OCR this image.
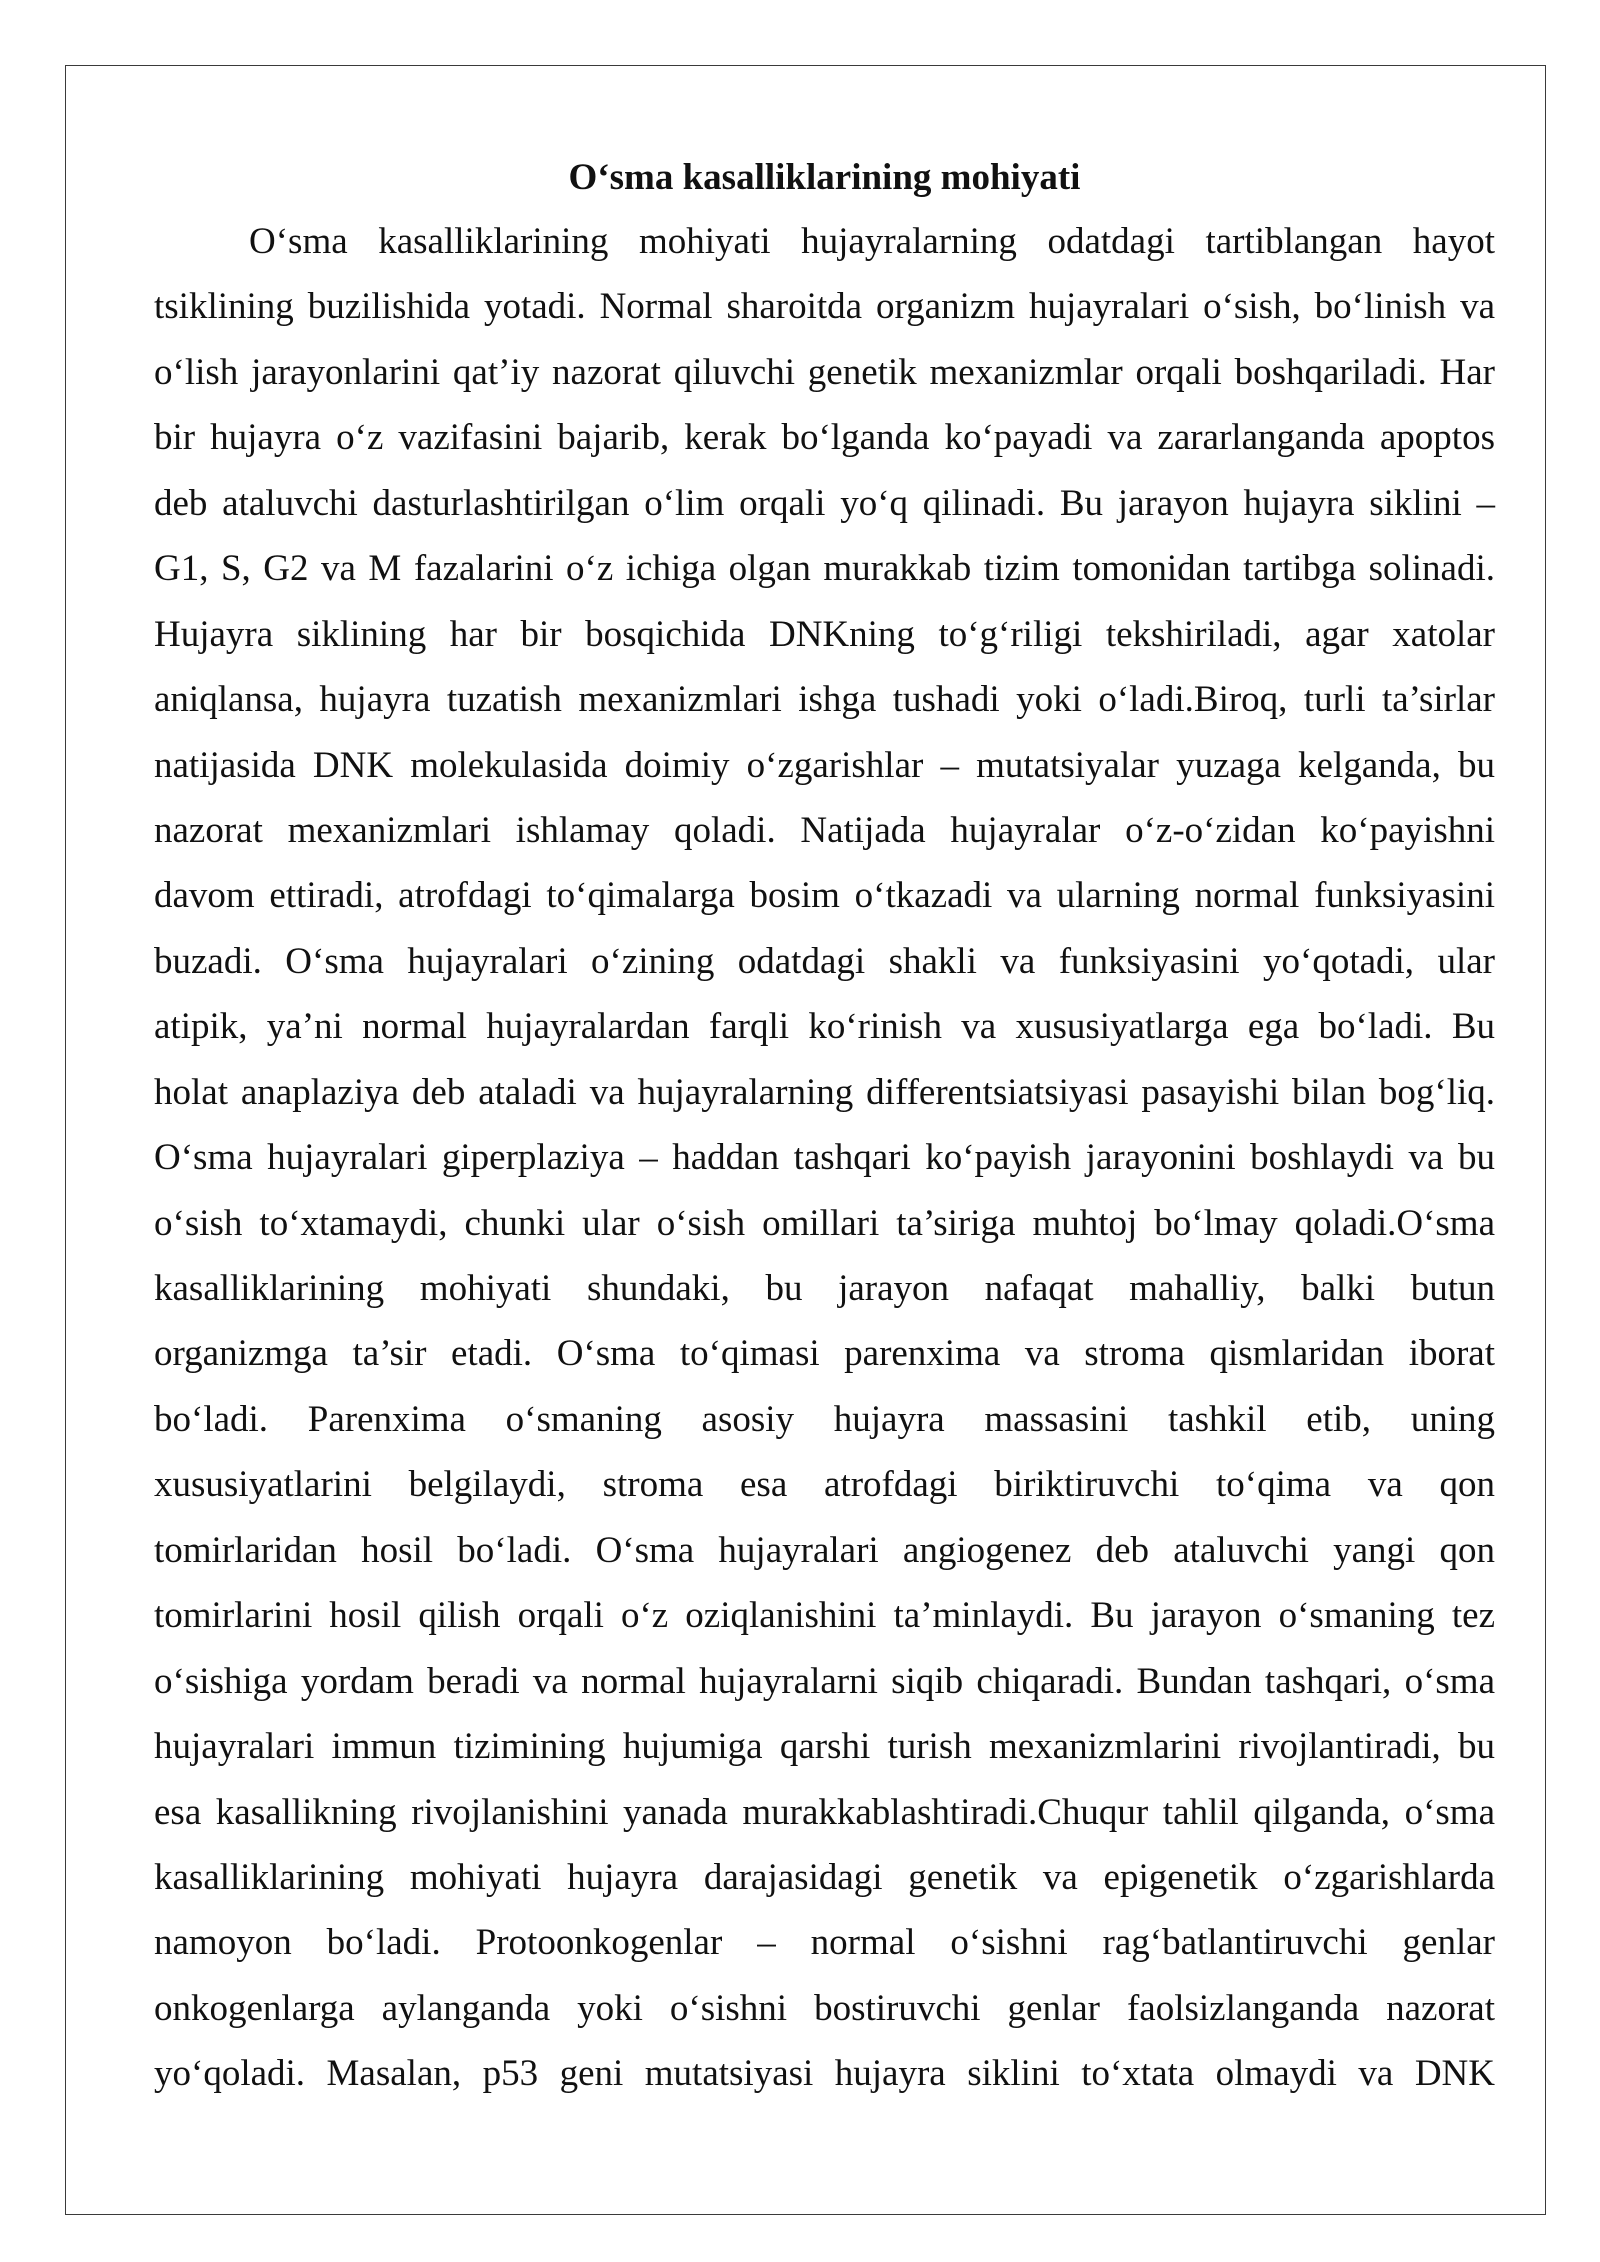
O‘sma kasalliklarining mohiyati
O‘sma kasalliklarining mohiyati hujayralarning odatdagi tartiblangan hayot
tsiklining buzilishida yotadi. Normal sharoitda organizm hujayralari o‘sish, bo‘linish va
o‘lish jarayonlarini qat’iy nazorat qiluvchi genetik mexanizmlar orqali boshqariladi. Har
bir hujayra o‘z vazifasini bajarib, kerak bo‘lganda ko‘payadi va zararlanganda apoptos
deb ataluvchi dasturlashtirilgan o‘lim orqali yo‘q qilinadi. Bu jarayon hujayra siklini –
G1, S, G2 va M fazalarini o‘z ichiga olgan murakkab tizim tomonidan tartibga solinadi.
Hujayra siklining har bir bosqichida DNKning to‘g‘riligi tekshiriladi, agar xatolar
aniqlansa, hujayra tuzatish mexanizmlari ishga tushadi yoki o‘ladi.Biroq, turli ta’sirlar
natijasida DNK molekulasida doimiy o‘zgarishlar – mutatsiyalar yuzaga kelganda, bu
nazorat mexanizmlari ishlamay qoladi. Natijada hujayralar o‘z-o‘zidan ko‘payishni
davom ettiradi, atrofdagi to‘qimalarga bosim o‘tkazadi va ularning normal funksiyasini
buzadi. O‘sma hujayralari o‘zining odatdagi shakli va funksiyasini yo‘qotadi, ular
atipik, ya’ni normal hujayralardan farqli ko‘rinish va xususiyatlarga ega bo‘ladi. Bu
holat anaplaziya deb ataladi va hujayralarning differentsiatsiyasi pasayishi bilan bog‘liq.
O‘sma hujayralari giperplaziya – haddan tashqari ko‘payish jarayonini boshlaydi va bu
o‘sish to‘xtamaydi, chunki ular o‘sish omillari ta’siriga muhtoj bo‘lmay qoladi.O‘sma
kasalliklarining mohiyati shundaki, bu jarayon nafaqat mahalliy, balki butun
organizmga ta’sir etadi. O‘sma to‘qimasi parenxima va stroma qismlaridan iborat
bo‘ladi. Parenxima o‘smaning asosiy hujayra massasini tashkil etib, uning
xususiyatlarini belgilaydi, stroma esa atrofdagi biriktiruvchi to‘qima va qon
tomirlaridan hosil bo‘ladi. O‘sma hujayralari angiogenez deb ataluvchi yangi qon
tomirlarini hosil qilish orqali o‘z oziqlanishini ta’minlaydi. Bu jarayon o‘smaning tez
o‘sishiga yordam beradi va normal hujayralarni siqib chiqaradi. Bundan tashqari, o‘sma
hujayralari immun tizimining hujumiga qarshi turish mexanizmlarini rivojlantiradi, bu
esa kasallikning rivojlanishini yanada murakkablashtiradi.Chuqur tahlil qilganda, o‘sma
kasalliklarining mohiyati hujayra darajasidagi genetik va epigenetik o‘zgarishlarda
namoyon bo‘ladi. Protoonkogenlar – normal o‘sishni rag‘batlantiruvchi genlar
onkogenlarga aylanganda yoki o‘sishni bostiruvchi genlar faolsizlanganda nazorat
yo‘qoladi. Masalan, p53 geni mutatsiyasi hujayra siklini to‘xtata olmaydi va DNK
